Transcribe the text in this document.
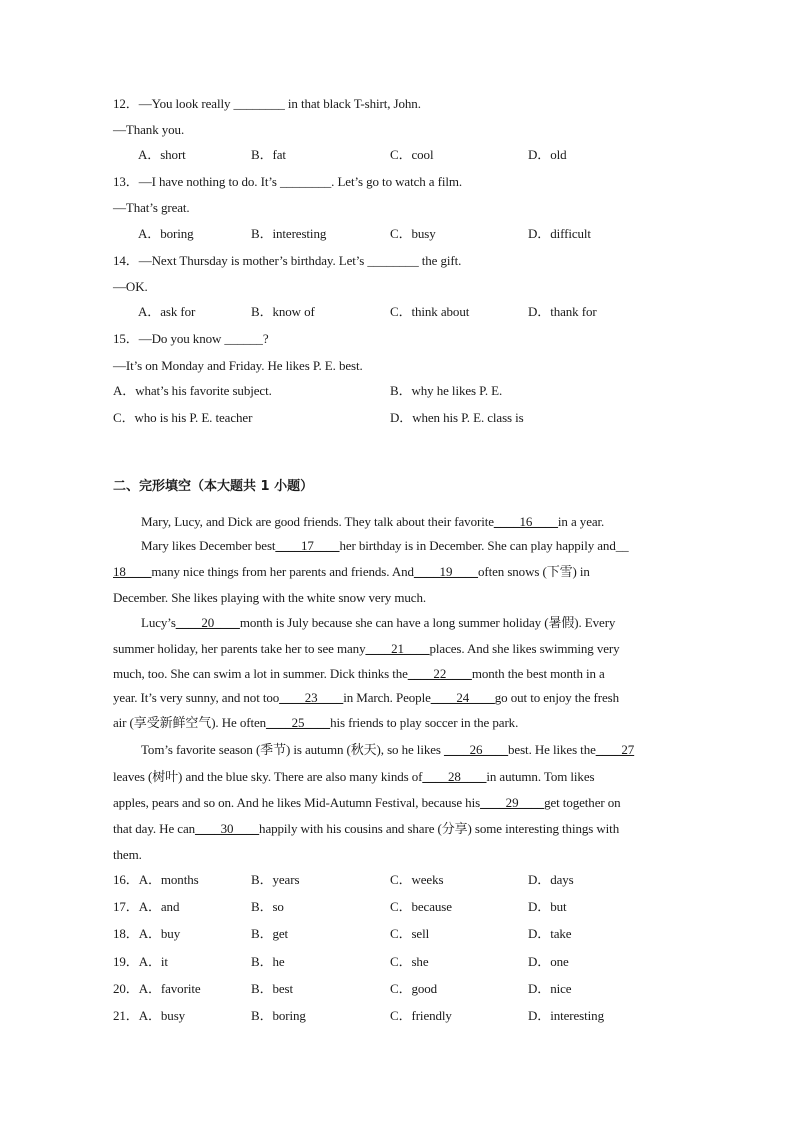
12．—You look really ________ in that black T-shirt, John.
—Thank you.
A．short	B．fat	C．cool	D．old
13．—I have nothing to do. It’s ________. Let’s go to watch a film.
—That’s great.
A．boring	B．interesting	C．busy	D．difficult
14．—Next Thursday is mother’s birthday. Let’s ________ the gift.
—OK.
A．ask for	B．know of	C．think about	D．thank for
15．—Do you know ______?
—It’s on Monday and Friday. He likes P. E. best.
A．what’s his favorite subject.	B．why he likes P. E.
C．who is his P. E. teacher	D．when his P. E. class is
二、完形填空（本大题共 1 小题）
Mary, Lucy, and Dick are good friends. They talk about their favorite____16____in a year.
Mary likes December best____17____her birthday is in December. She can play happily and__
18____many nice things from her parents and friends. And____19____often snows (下雪) in
December. She likes playing with the white snow very much.
Lucy’s____20____month is July because she can have a long summer holiday (暑假). Every
summer holiday, her parents take her to see many____21____places. And she likes swimming very
much, too. She can swim a lot in summer. Dick thinks the____22____month the best month in a
year. It’s very sunny, and not too____23____in March. People____24____go out to enjoy the fresh
air (享受新鲜空气). He often____25____his friends to play soccer in the park.
Tom’s favorite season (季节) is autumn (秋天), so he likes ____26____best. He likes the____27
leaves (树叶) and the blue sky. There are also many kinds of____28____in autumn. Tom likes
apples, pears and so on. And he likes Mid-Autumn Festival, because his____29____get together on
that day. He can____30____happily with his cousins and share (分享) some interesting things with
them.
16．A．months	B．years	C．weeks	D．days
17．A．and	B．so	C．because	D．but
18．A．buy	B．get	C．sell	D．take
19．A．it	B．he	C．she	D．one
20．A．favorite	B．best	C．good	D．nice
21．A．busy	B．boring	C．friendly	D．interesting
